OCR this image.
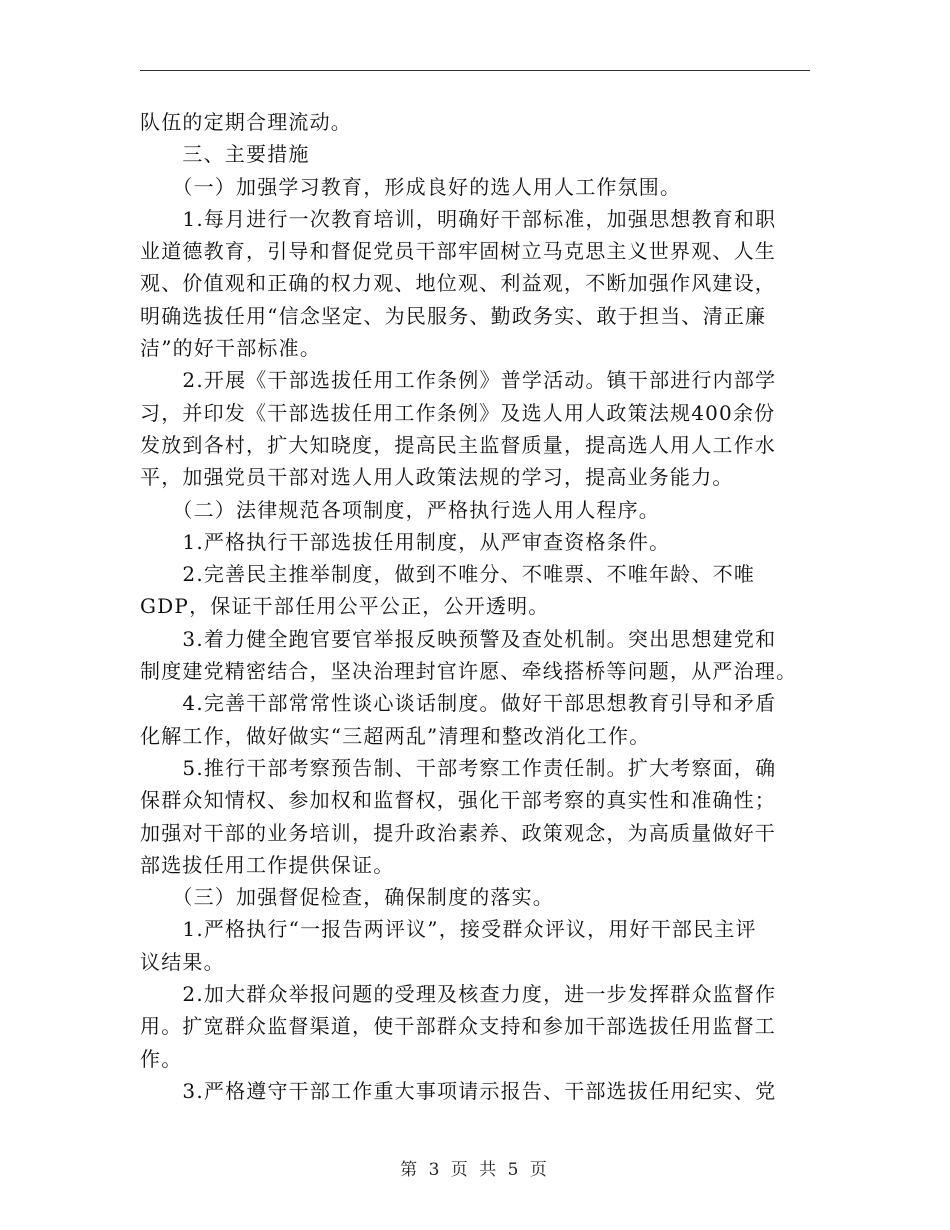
队伍的定期合理流动。
　　三、主要措施
　　（一）加强学习教育，形成良好的选人用人工作氛围。
　　1.每月进行一次教育培训，明确好干部标准，加强思想教育和职
业道德教育，引导和督促党员干部牢固树立马克思主义世界观、人生
观、价值观和正确的权力观、地位观、利益观，不断加强作风建设，
明确选拔任用“信念坚定、为民服务、勤政务实、敢于担当、清正廉
洁”的好干部标准。
　　2.开展《干部选拔任用工作条例》普学活动。镇干部进行内部学
习，并印发《干部选拔任用工作条例》及选人用人政策法规400余份
发放到各村，扩大知晓度，提高民主监督质量，提高选人用人工作水
平，加强党员干部对选人用人政策法规的学习，提高业务能力。
　　（二）法律规范各项制度，严格执行选人用人程序。
　　1.严格执行干部选拔任用制度，从严审查资格条件。
　　2.完善民主推举制度，做到不唯分、不唯票、不唯年龄、不唯
GDP，保证干部任用公平公正，公开透明。
　　3.着力健全跑官要官举报反映预警及查处机制。突出思想建党和
制度建党精密结合，坚决治理封官许愿、牵线搭桥等问题，从严治理。
　　4.完善干部常常性谈心谈话制度。做好干部思想教育引导和矛盾
化解工作，做好做实“三超两乱”清理和整改消化工作。
　　5.推行干部考察预告制、干部考察工作责任制。扩大考察面，确
保群众知情权、参加权和监督权，强化干部考察的真实性和准确性；
加强对干部的业务培训，提升政治素养、政策观念，为高质量做好干
部选拔任用工作提供保证。
　　（三）加强督促检查，确保制度的落实。
　　1.严格执行“一报告两评议”，接受群众评议，用好干部民主评
议结果。
　　2.加大群众举报问题的受理及核查力度，进一步发挥群众监督作
用。扩宽群众监督渠道，使干部群众支持和参加干部选拔任用监督工
作。
　　3.严格遵守干部工作重大事项请示报告、干部选拔任用纪实、党
第 3 页 共 5 页
